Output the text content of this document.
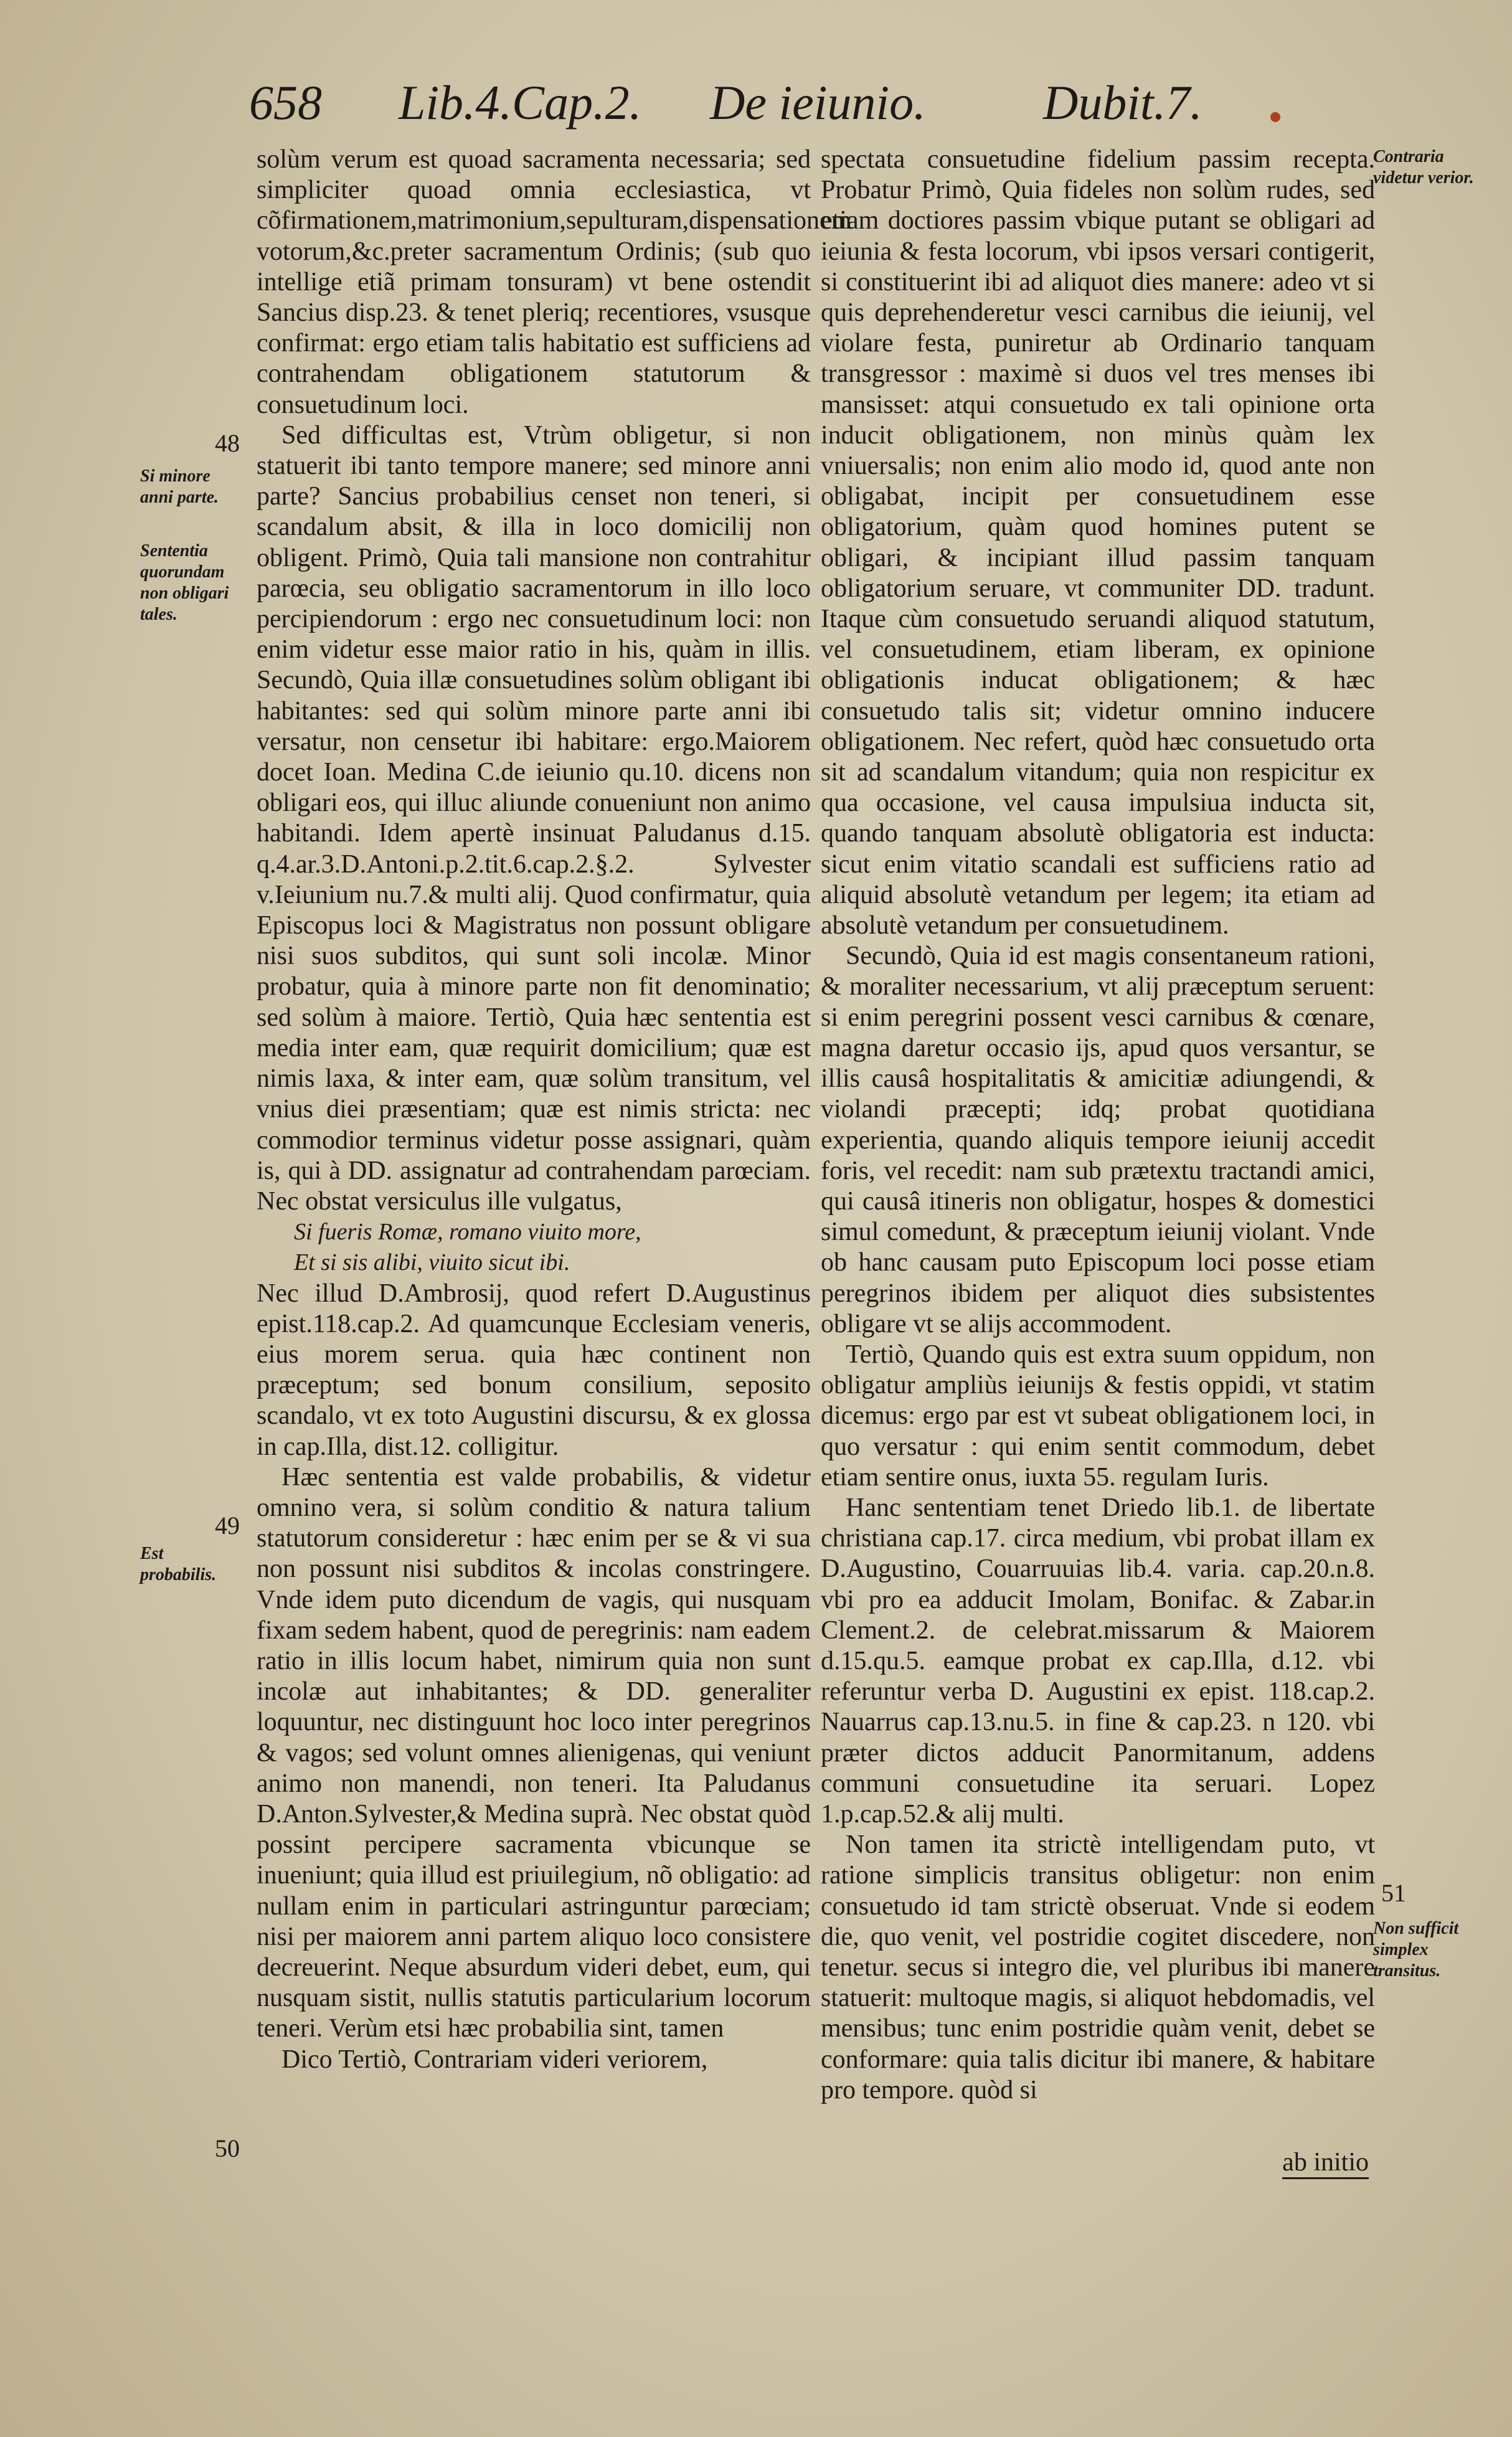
658 Lib.4.Cap.2. De ieiunio. Dubit.7.

solùm verum est quoad sacramenta necessaria; sed simpliciter quoad omnia ecclesiastica, vt cõfirmationem,matrimonium,sepulturam,dispensationem votorum,&c.preter sacramentum Ordinis; (sub quo intellige etiã primam tonsuram) vt bene ostendit Sancius disp.23. & tenet pleriq; recentiores, vsusque confirmat: ergo etiam talis habitatio est sufficiens ad contrahendam obligationem statutorum & consuetudinum loci.

Sed difficultas est, Vtrùm obligetur, si non statuerit ibi tanto tempore manere; sed minore anni parte? Sancius probabilius censet non teneri, si scandalum absit, & illa in loco domicilij non obligent. Primò, Quia tali mansione non contrahitur parœcia, seu obligatio sacramentorum in illo loco percipiendorum : ergo nec consuetudinum loci: non enim videtur esse maior ratio in his, quàm in illis. Secundò, Quia illæ consuetudines solùm obligant ibi habitantes: sed qui solùm minore parte anni ibi versatur, non censetur ibi habitare: ergo.Maiorem docet Ioan. Medina C.de ieiunio qu.10. dicens non obligari eos, qui illuc aliunde conueniunt non animo habitandi. Idem apertè insinuat Paludanus d.15. q.4.ar.3.D.Antoni.p.2.tit.6.cap.2.§.2. Sylvester v.Ieiunium nu.7.& multi alij. Quod confirmatur, quia Episcopus loci & Magistratus non possunt obligare nisi suos subditos, qui sunt soli incolæ. Minor probatur, quia à minore parte non fit denominatio; sed solùm à maiore. Tertiò, Quia hæc sententia est media inter eam, quæ requirit domicilium; quæ est nimis laxa, & inter eam, quæ solùm transitum, vel vnius diei præsentiam; quæ est nimis stricta: nec commodior terminus videtur posse assignari, quàm is, qui à DD. assignatur ad contrahendam parœciam. Nec obstat versiculus ille vulgatus,

Si fueris Romæ, romano viuito more,

Et si sis alibi, viuito sicut ibi.

Nec illud D.Ambrosij, quod refert D.Augustinus epist.118.cap.2. Ad quamcunque Ecclesiam veneris, eius morem serua. quia hæc continent non præceptum; sed bonum consilium, seposito scandalo, vt ex toto Augustini discursu, & ex glossa in cap.Illa, dist.12. colligitur.

Hæc sententia est valde probabilis, & videtur omnino vera, si solùm conditio & natura talium statutorum consideretur : hæc enim per se & vi sua non possunt nisi subditos & incolas constringere. Vnde idem puto dicendum de vagis, qui nusquam fixam sedem habent, quod de peregrinis: nam eadem ratio in illis locum habet, nimirum quia non sunt incolæ aut inhabitantes; & DD. generaliter loquuntur, nec distinguunt hoc loco inter peregrinos & vagos; sed volunt omnes alienigenas, qui veniunt animo non manendi, non teneri. Ita Paludanus D.Anton.Sylvester,& Medina suprà. Nec obstat quòd possint percipere sacramenta vbicunque se inueniunt; quia illud est priuilegium, nõ obligatio: ad nullam enim in particulari astringuntur parœciam; nisi per maiorem anni partem aliquo loco consistere decreuerint. Neque absurdum videri debet, eum, qui nusquam sistit, nullis statutis particularium locorum teneri. Verùm etsi hæc probabilia sint, tamen

Dico Tertiò, Contrariam videri veriorem,

spectata consuetudine fidelium passim recepta. Probatur Primò, Quia fideles non solùm rudes, sed etiam doctiores passim vbique putant se obligari ad ieiunia & festa locorum, vbi ipsos versari contigerit, si constituerint ibi ad aliquot dies manere: adeo vt si quis deprehenderetur vesci carnibus die ieiunij, vel violare festa, puniretur ab Ordinario tanquam transgressor : maximè si duos vel tres menses ibi mansisset: atqui consuetudo ex tali opinione orta inducit obligationem, non minùs quàm lex vniuersalis; non enim alio modo id, quod ante non obligabat, incipit per consuetudinem esse obligatorium, quàm quod homines putent se obligari, & incipiant illud passim tanquam obligatorium seruare, vt communiter DD. tradunt. Itaque cùm consuetudo seruandi aliquod statutum, vel consuetudinem, etiam liberam, ex opinione obligationis inducat obligationem; & hæc consuetudo talis sit; videtur omnino inducere obligationem. Nec refert, quòd hæc consuetudo orta sit ad scandalum vitandum; quia non respicitur ex qua occasione, vel causa impulsiua inducta sit, quando tanquam absolutè obligatoria est inducta: sicut enim vitatio scandali est sufficiens ratio ad aliquid absolutè vetandum per legem; ita etiam ad absolutè vetandum per consuetudinem.

Secundò, Quia id est magis consentaneum rationi, & moraliter necessarium, vt alij præceptum seruent: si enim peregrini possent vesci carnibus & cœnare, magna daretur occasio ijs, apud quos versantur, se illis causâ hospitalitatis & amicitiæ adiungendi, & violandi præcepti; idq; probat quotidiana experientia, quando aliquis tempore ieiunij accedit foris, vel recedit: nam sub prætextu tractandi amici, qui causâ itineris non obligatur, hospes & domestici simul comedunt, & præceptum ieiunij violant. Vnde ob hanc causam puto Episcopum loci posse etiam peregrinos ibidem per aliquot dies subsistentes obligare vt se alijs accommodent.

Tertiò, Quando quis est extra suum oppidum, non obligatur ampliùs ieiunijs & festis oppidi, vt statim dicemus: ergo par est vt subeat obligationem loci, in quo versatur : qui enim sentit commodum, debet etiam sentire onus, iuxta 55. regulam Iuris.

Hanc sententiam tenet Driedo lib.1. de libertate christiana cap.17. circa medium, vbi probat illam ex D.Augustino, Couarruuias lib.4. varia. cap.20.n.8. vbi pro ea adducit Imolam, Bonifac. & Zabar.in Clement.2. de celebrat.missarum & Maiorem d.15.qu.5. eamque probat ex cap.Illa, d.12. vbi referuntur verba D. Augustini ex epist. 118.cap.2. Nauarrus cap.13.nu.5. in fine & cap.23. n 120. vbi præter dictos adducit Panormitanum, addens communi consuetudine ita seruari. Lopez 1.p.cap.52.& alij multi.

Non tamen ita strictè intelligendam puto, vt ratione simplicis transitus obligetur: non enim consuetudo id tam strictè obseruat. Vnde si eodem die, quo venit, vel postridie cogitet discedere, non tenetur. secus si integro die, vel pluribus ibi manere statuerit: multoque magis, si aliquot hebdomadis, vel mensibus; tunc enim postridie quàm venit, debet se conformare: quia talis dicitur ibi manere, & habitare pro tempore. quòd si

ab initio
48
Si minore anni parte.
Sententia quorundam non obligari tales.
49
Est probabilis.
50
Contraria videtur verior.
51
Non sufficit simplex transitus.
